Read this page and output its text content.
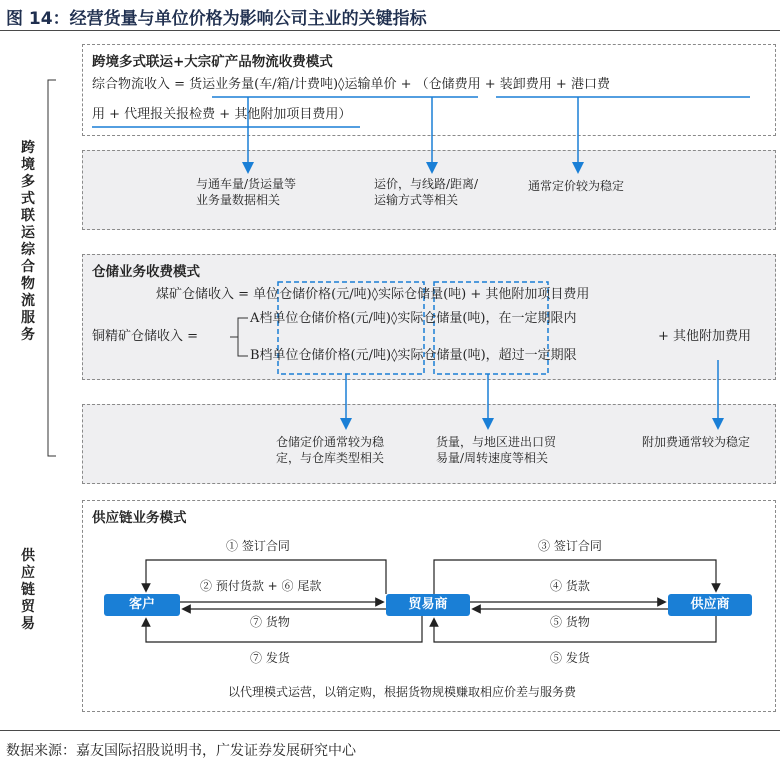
图 14：经营货量与单位价格为影响公司主业的关键指标
跨
境
多
式
联
运
综
合
物
流
服
务
供
应
链
贸
易
跨境多式联运+大宗矿产品物流收费模式
综合物流收入 = 货运业务量(车/箱/计费吨)◊运输单价 + （仓储费用 + 装卸费用 + 港口费
用 + 代理报关报检费 + 其他附加项目费用）
与通车量/货运量等
业务量数据相关
运价，与线路/距离/
运输方式等相关
通常定价较为稳定
仓储业务收费模式
煤矿仓储收入 = 单位仓储价格(元/吨)◊实际仓储量(吨) + 其他附加项目费用
铜精矿仓储收入 =
A档单位仓储价格(元/吨)◊实际仓储量(吨)，在一定期限内
B档单位仓储价格(元/吨)◊实际仓储量(吨)，超过一定期限
+ 其他附加费用
仓储定价通常较为稳
定，与仓库类型相关
货量，与地区进出口贸
易量/周转速度等相关
附加费通常较为稳定
供应链业务模式
① 签订合同
② 预付货款 + ⑥ 尾款
⑦ 货物
⑦ 发货
③ 签订合同
④ 货款
⑤ 货物
⑤ 发货
客户	贸易商	供应商
以代理模式运营，以销定购，根据货物规模赚取相应价差与服务费
数据来源：嘉友国际招股说明书，广发证券发展研究中心
